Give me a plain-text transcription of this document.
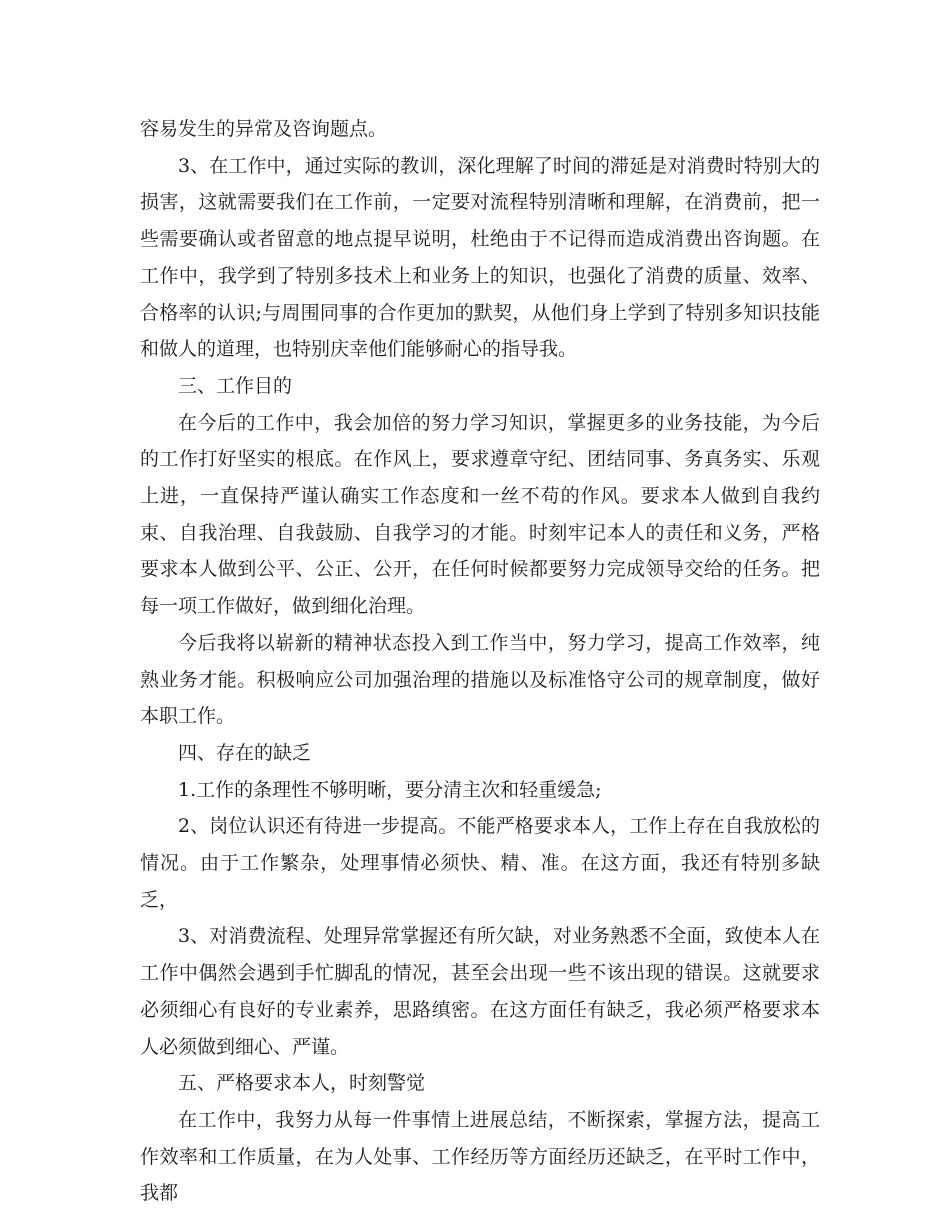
容易发生的异常及咨询题点。

3、在工作中，通过实际的教训，深化理解了时间的滞延是对消费时特别大的损害，这就需要我们在工作前，一定要对流程特别清晰和理解，在消费前，把一些需要确认或者留意的地点提早说明，杜绝由于不记得而造成消费出咨询题。在工作中，我学到了特别多技术上和业务上的知识，也强化了消费的质量、效率、合格率的认识;与周围同事的合作更加的默契，从他们身上学到了特别多知识技能和做人的道理，也特别庆幸他们能够耐心的指导我。

三、工作目的

在今后的工作中，我会加倍的努力学习知识，掌握更多的业务技能，为今后的工作打好坚实的根底。在作风上，要求遵章守纪、团结同事、务真务实、乐观上进，一直保持严谨认确实工作态度和一丝不苟的作风。要求本人做到自我约束、自我治理、自我鼓励、自我学习的才能。时刻牢记本人的责任和义务，严格要求本人做到公平、公正、公开，在任何时候都要努力完成领导交给的任务。把每一项工作做好，做到细化治理。

今后我将以崭新的精神状态投入到工作当中，努力学习，提高工作效率，纯熟业务才能。积极响应公司加强治理的措施以及标准恪守公司的规章制度，做好本职工作。

四、存在的缺乏

1.工作的条理性不够明晰，要分清主次和轻重缓急;

2、岗位认识还有待进一步提高。不能严格要求本人，工作上存在自我放松的情况。由于工作繁杂，处理事情必须快、精、准。在这方面，我还有特别多缺乏，

3、对消费流程、处理异常掌握还有所欠缺，对业务熟悉不全面，致使本人在工作中偶然会遇到手忙脚乱的情况，甚至会出现一些不该出现的错误。这就要求必须细心有良好的专业素养，思路缜密。在这方面任有缺乏，我必须严格要求本人必须做到细心、严谨。

五、严格要求本人，时刻警觉

在工作中，我努力从每一件事情上进展总结，不断探索，掌握方法，提高工作效率和工作质量，在为人处事、工作经历等方面经历还缺乏，在平时工作中，我都
